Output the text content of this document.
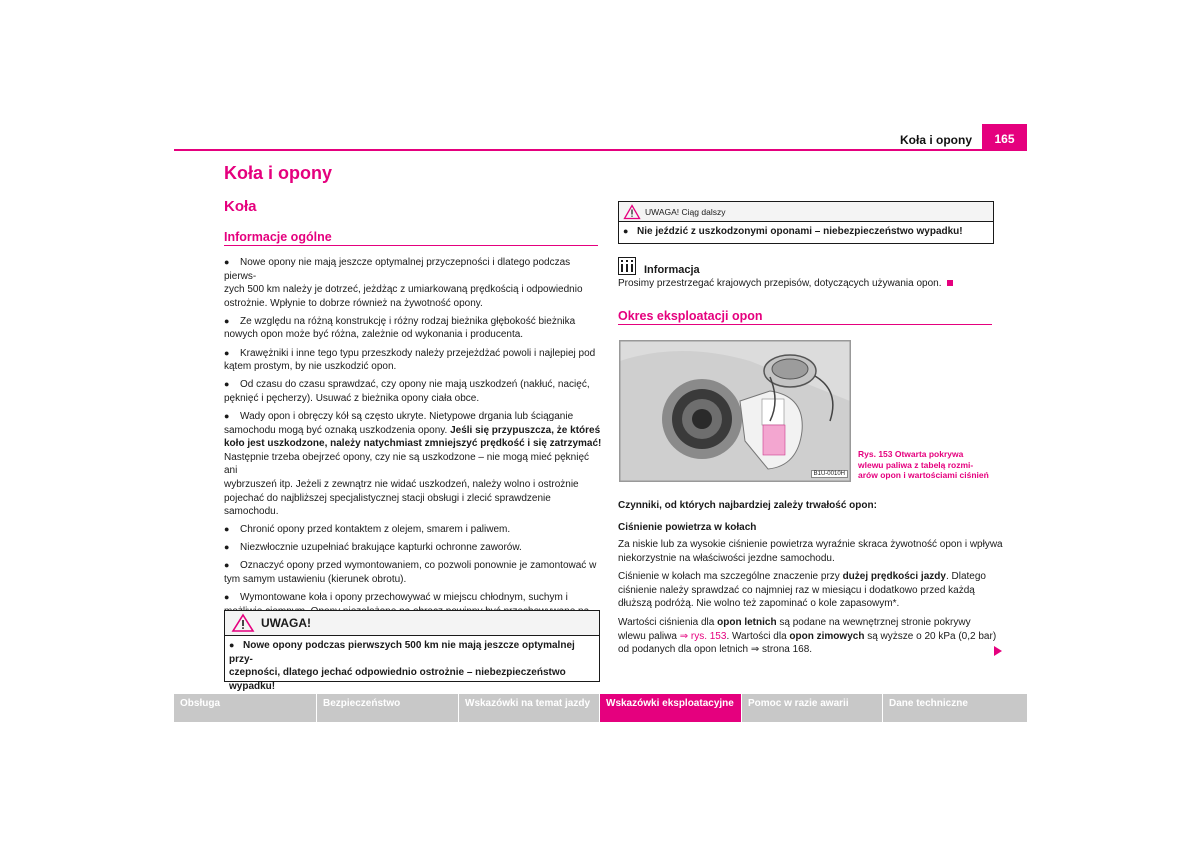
Koła i opony	165
Koła i opony
Koła
Informacje ogólne
● Nowe opony nie mają jeszcze optymalnej przyczepności i dlatego podczas pierws-
zych 500 km należy je dotrzeć, jeżdżąc z umiarkowaną prędkością i odpowiednio
ostrożnie. Wpłynie to dobrze również na żywotność opony.
● Ze względu na różną konstrukcję i różny rodzaj bieżnika głębokość bieżnika
nowych opon może być różna, zależnie od wykonania i producenta.
● Krawężniki i inne tego typu przeszkody należy przejeżdżać powoli i najlepiej pod
kątem prostym, by nie uszkodzić opon.
● Od czasu do czasu sprawdzać, czy opony nie mają uszkodzeń (nakłuć, nacięć,
pęknięć i pęcherzy). Usuwać z bieżnika opony ciała obce.
● Wady opon i obręczy kół są często ukryte. Nietypowe drgania lub ściąganie
samochodu mogą być oznaką uszkodzenia opony. Jeśli się przypuszcza, że któreś
koło jest uszkodzone, należy natychmiast zmniejszyć prędkość i się zatrzymać!
Następnie trzeba obejrzeć opony, czy nie są uszkodzone – nie mogą mieć pęknięć ani
wybrzuszeń itp. Jeżeli z zewnątrz nie widać uszkodzeń, należy wolno i ostrożnie
pojechać do najbliższej specjalistycznej stacji obsługi i zlecić sprawdzenie
samochodu.
● Chronić opony przed kontaktem z olejem, smarem i paliwem.
● Niezwłocznie uzupełniać brakujące kapturki ochronne zaworów.
● Oznaczyć opony przed wymontowaniem, co pozwoli ponownie je zamontować w
tym samym ustawieniu (kierunek obrotu).
● Wymontowane koła i opony przechowywać w miejscu chłodnym, suchym i
UWAGA!
● Nowe opony podczas pierwszych 500 km nie mają jeszcze optymalnej przy-
czepności, dlatego jechać odpowiednio ostrożnie – niebezpieczeństwo
wypadku!
UWAGA! Ciąg dalszy
● Nie jeździć z uszkodzonymi oponami – niebezpieczeństwo wypadku!
Informacja
Prosimy przestrzegać krajowych przepisów, dotyczących używania opon.
Okres eksploatacji opon
B1U-0010H
Rys. 153 Otwarta pokrywa
wlewu paliwa z tabelą rozmi-
arów opon i wartościami ciśnień
Czynniki, od których najbardziej zależy trwałość opon:
Ciśnienie powietrza w kołach
Za niskie lub za wysokie ciśnienie powietrza wyraźnie skraca żywotność opon i wpływa
niekorzystnie na właściwości jezdne samochodu.
Ciśnienie w kołach ma szczególne znaczenie przy dużej prędkości jazdy. Dlatego
ciśnienie należy sprawdzać co najmniej raz w miesiącu i dodatkowo przed każdą
dłuższą podróżą. Nie wolno też zapominać o kole zapasowym*.
Wartości ciśnienia dla opon letnich są podane na wewnętrznej stronie pokrywy
wlewu paliwa ⇒ rys. 153. Wartości dla opon zimowych są wyższe o 20 kPa (0,2 bar)
od podanych dla opon letnich ⇒ strona 168.
Obsługa	Bezpieczeństwo	Wskazówki na temat jazdy	Wskazówki eksploatacyjne	Pomoc w razie awarii	Dane techniczne
